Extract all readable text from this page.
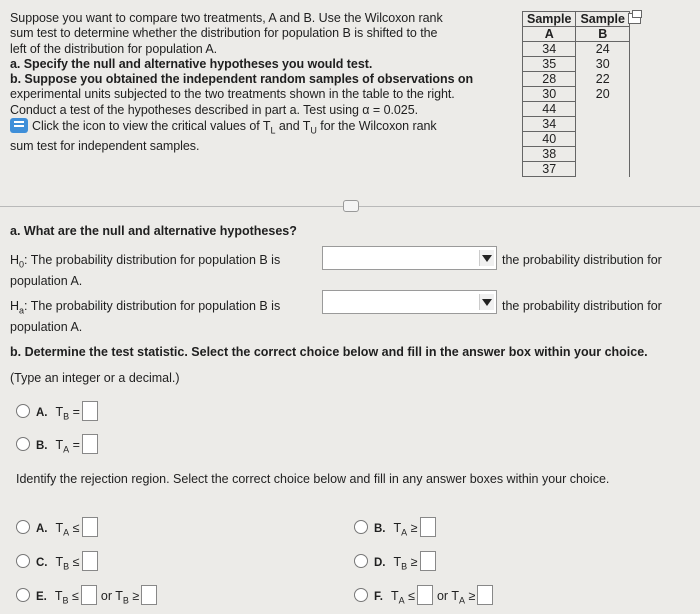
Suppose you want to compare two treatments, A and B. Use the Wilcoxon rank

sum test to determine whether the distribution for population B is shifted to the

left of the distribution for population A.

a. Specify the null and alternative hypotheses you would test.

b. Suppose you obtained the independent random samples of observations on

experimental units subjected to the two treatments shown in the table to the right.

Conduct a test of the hypotheses described in part a. Test using α = 0.025.

Click the icon to view the critical values of $T_L$ and $T_U$ for the Wilcoxon rank

sum test for independent samples.

Sample	Sample
A	B
34	24
35	30
28	22
30	20
44	
34	
40	
38	
37	
a. What are the null and alternative hypotheses?
$H_0$: The probability distribution for population B is	the probability distribution for
population A.
$H_a$: The probability distribution for population B is	the probability distribution for
population A.
b. Determine the test statistic. Select the correct choice below and fill in the answer box within your choice.
(Type an integer or a decimal.)
A. $T_B$ =
B. $T_A$ =
Identify the rejection region. Select the correct choice below and fill in any answer boxes within your choice.
A. $T_A$ ≤	B. $T_A$ ≥
C. $T_B$ ≤	D. $T_B$ ≥
E. $T_B$ ≤ or $T_B$ ≥	F. $T_A$ ≤ or $T_A$ ≥
